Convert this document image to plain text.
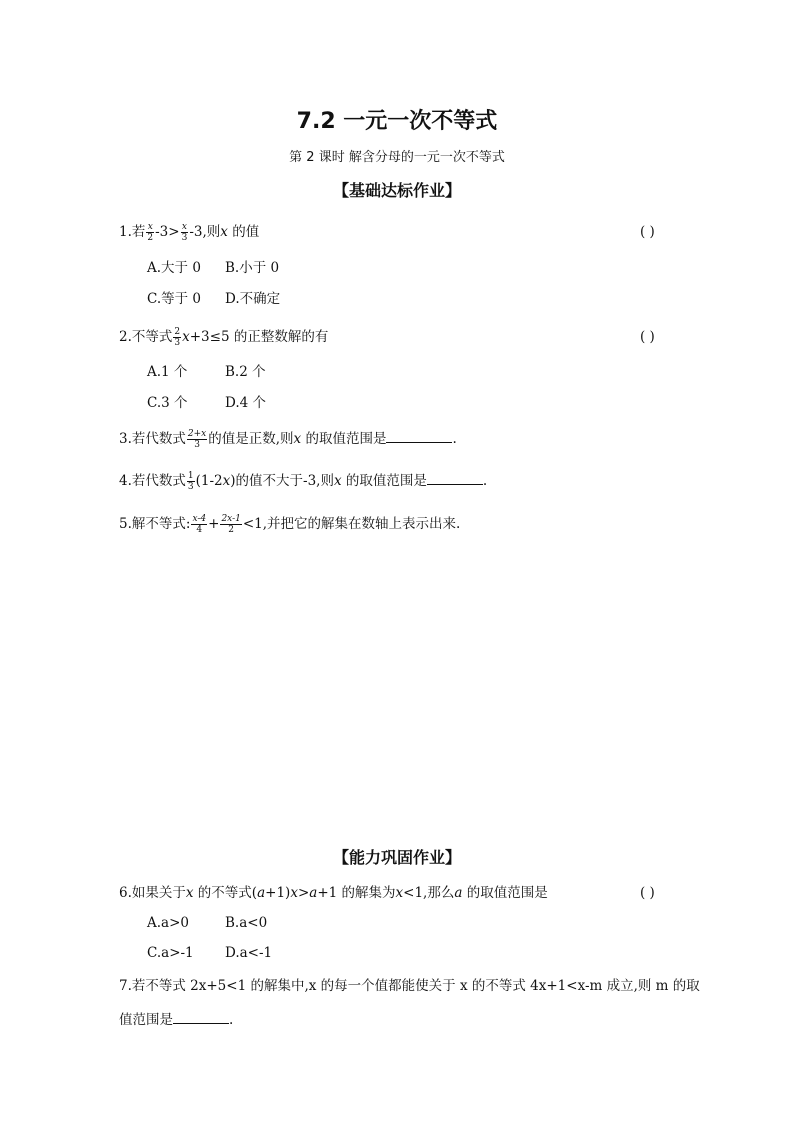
7.2 一元一次不等式
第 2 课时 解含分母的一元一次不等式
【基础达标作业】
1.若 $\frac{x}{2} -3> \frac{x}{3} -3$,则x 的值	( )
A.大于 0 B.小于 0
C.等于 0 D.不确定
2.不等式 $\frac{2}{3} x+3\le 5$ 的正整数解的有	( )
A.1 个	B.2 个
C.3 个	D.4 个
3.若代数式 $\frac{2+x}{3}$ 的值是正数,则x 的取值范围是	.
4.若代数式 $\frac{1}{3} (1-2x)$的值不大于-3,则x 的取值范围是	.
5.解不等式: $\frac{x-4}{4} + \frac{2x-1}{2} <1$,并把它的解集在数轴上表示出来.
【能力巩固作业】
6.如果关于x 的不等式(a+1)x>a+1 的解集为x<1,那么a 的取值范围是	( )
A.a>0	B.a<0
C.a>-1 D.a<-1
7.若不等式 2x+5<1 的解集中,x 的每一个值都能使关于 x 的不等式 4x+1<x-m 成立,则 m 的取
值范围是	.
